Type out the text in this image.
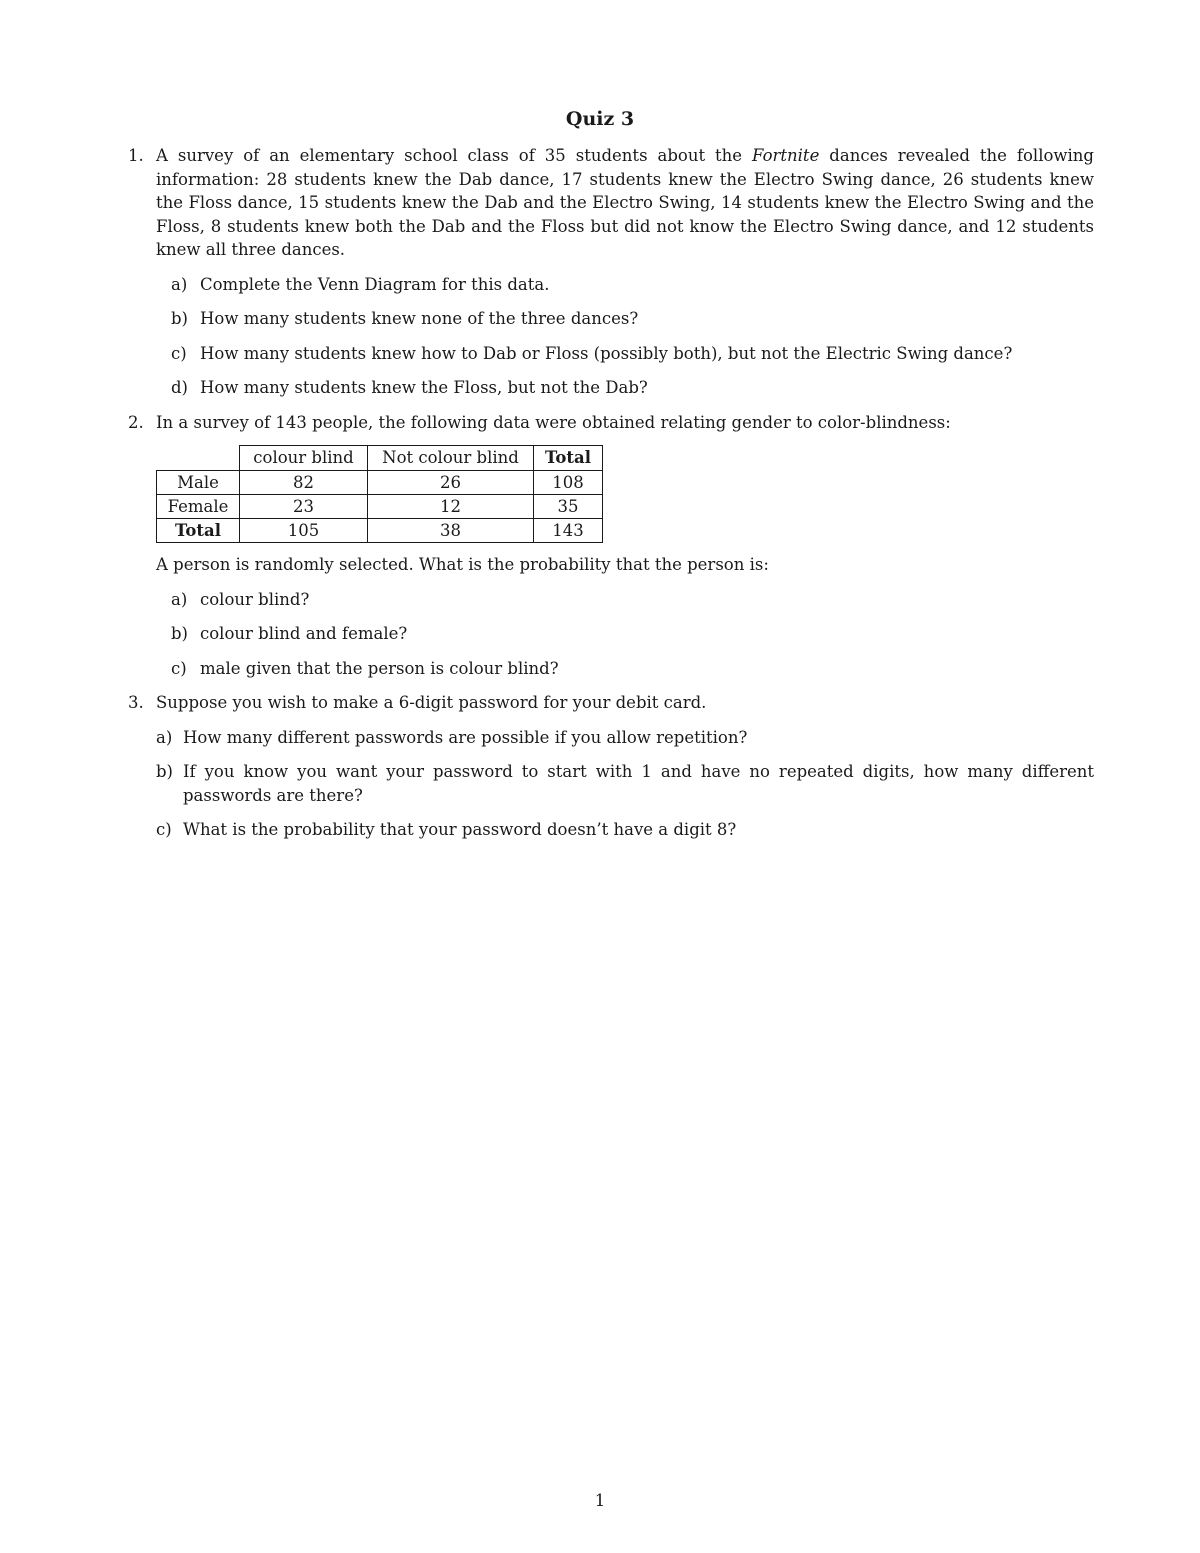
Quiz 3
1. A survey of an elementary school class of 35 students about the Fortnite dances revealed the following information: 28 students knew the Dab dance, 17 students knew the Electro Swing dance, 26 students knew the Floss dance, 15 students knew the Dab and the Electro Swing, 14 students knew the Electro Swing and the Floss, 8 students knew both the Dab and the Floss but did not know the Electro Swing dance, and 12 students knew all three dances.
a) Complete the Venn Diagram for this data.
b) How many students knew none of the three dances?
c) How many students knew how to Dab or Floss (possibly both), but not the Electric Swing dance?
d) How many students knew the Floss, but not the Dab?
2. In a survey of 143 people, the following data were obtained relating gender to color-blindness:
	colour blind	Not colour blind	Total
Male	82	26	108
Female	23	12	35
Total	105	38	143
A person is randomly selected. What is the probability that the person is:
a) colour blind?
b) colour blind and female?
c) male given that the person is colour blind?
3. Suppose you wish to make a 6-digit password for your debit card.
a) How many different passwords are possible if you allow repetition?
b) If you know you want your password to start with 1 and have no repeated digits, how many different passwords are there?
c) What is the probability that your password doesn’t have a digit 8?
1
